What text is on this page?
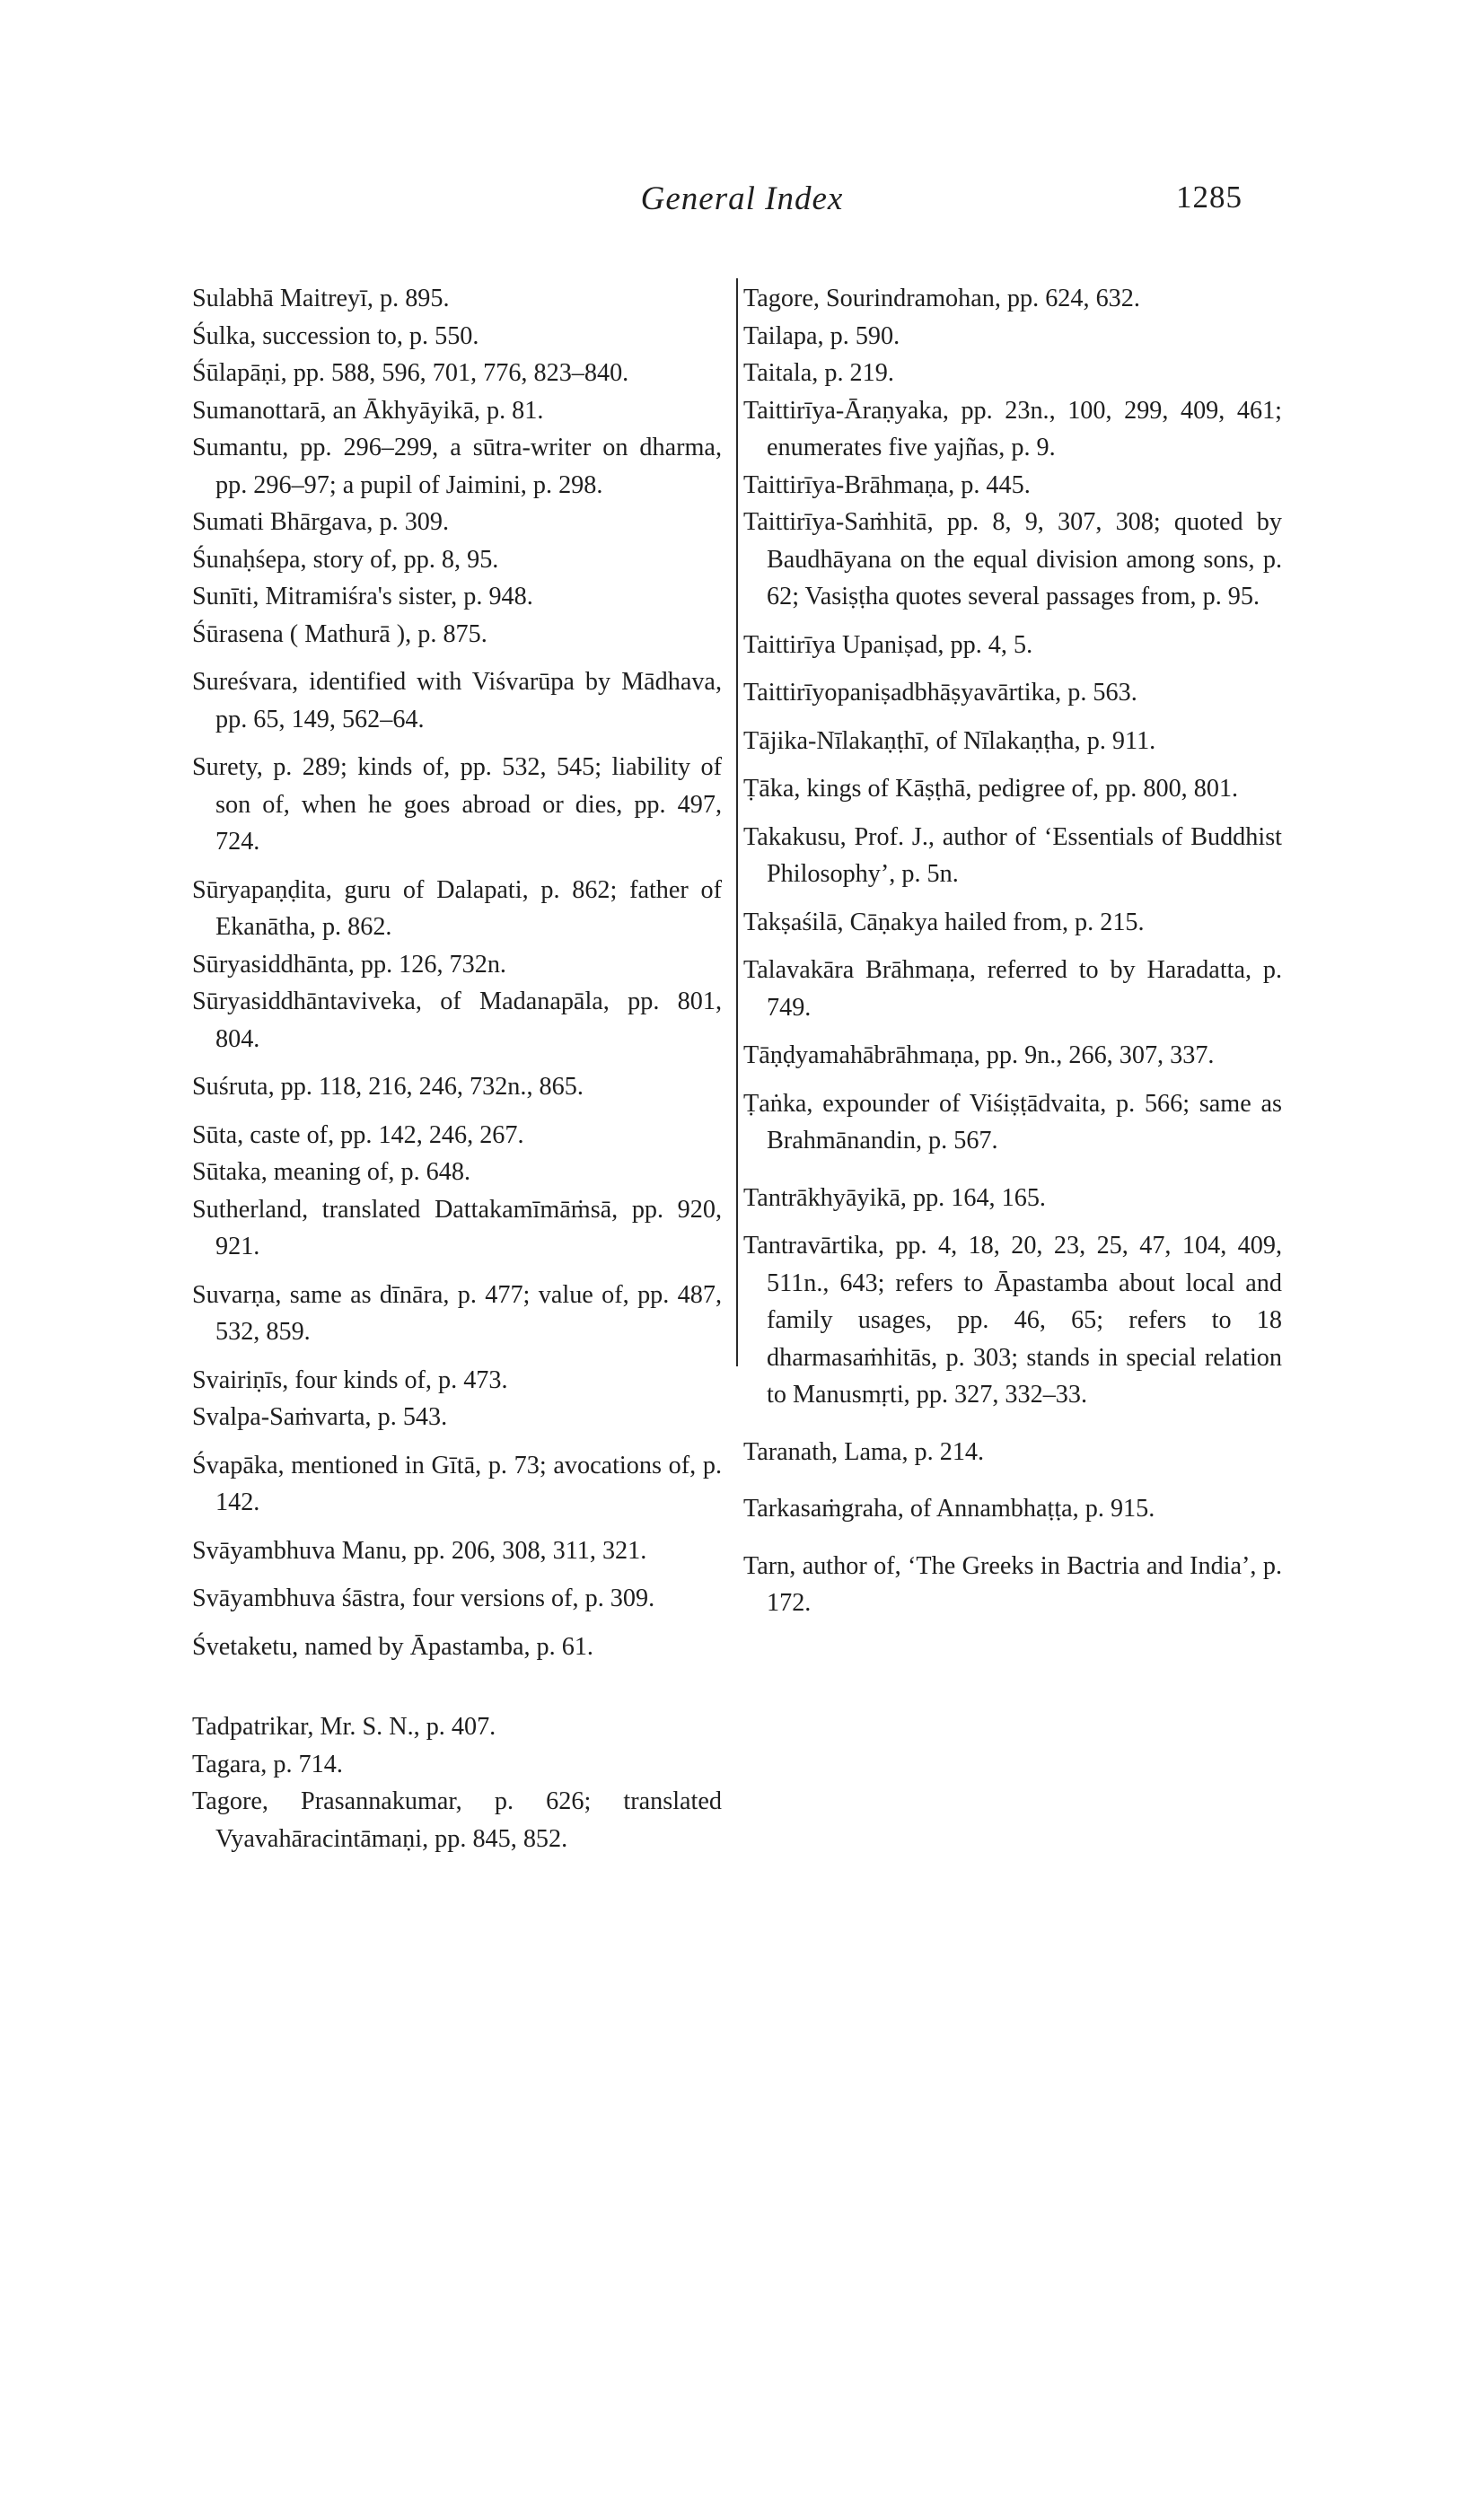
General Index	1285

Sulabhā Maitreyī, p. 895.

Śulka, succession to, p. 550.

Śūlapāṇi, pp. 588, 596, 701, 776, 823–840.

Sumanottarā, an Ākhyāyikā, p. 81.

Sumantu, pp. 296–299, a sūtra-writer on dharma, pp. 296–97; a pupil of Jaimini, p. 298.

Sumati Bhārgava, p. 309.

Śunaḥśepa, story of, pp. 8, 95.

Sunīti, Mitramiśra's sister, p. 948.

Śūrasena ( Mathurā ), p. 875.

Sureśvara, identified with Viśvarūpa by Mādhava, pp. 65, 149, 562–64.

Surety, p. 289; kinds of, pp. 532, 545; liability of son of, when he goes abroad or dies, pp. 497, 724.

Sūryapaṇḍita, guru of Dalapati, p. 862; father of Ekanātha, p. 862.

Sūryasiddhānta, pp. 126, 732n.

Sūryasiddhāntaviveka, of Madanapāla, pp. 801, 804.

Suśruta, pp. 118, 216, 246, 732n., 865.

Sūta, caste of, pp. 142, 246, 267.

Sūtaka, meaning of, p. 648.

Sutherland, translated Dattakamīmāṁsā, pp. 920, 921.

Suvarṇa, same as dīnāra, p. 477; value of, pp. 487, 532, 859.

Svairiṇīs, four kinds of, p. 473.

Svalpa-Saṁvarta, p. 543.

Śvapāka, mentioned in Gītā, p. 73; avocations of, p. 142.

Svāyambhuva Manu, pp. 206, 308, 311, 321.

Svāyambhuva śāstra, four versions of, p. 309.

Śvetaketu, named by Āpastamba, p. 61.

Tadpatrikar, Mr. S. N., p. 407.

Tagara, p. 714.

Tagore, Prasannakumar, p. 626; translated Vyavahāracintāmaṇi, pp. 845, 852.

Tagore, Sourindramohan, pp. 624, 632.

Tailapa, p. 590.

Taitala, p. 219.

Taittirīya-Āraṇyaka, pp. 23n., 100, 299, 409, 461; enumerates five yajñas, p. 9.

Taittirīya-Brāhmaṇa, p. 445.

Taittirīya-Saṁhitā, pp. 8, 9, 307, 308; quoted by Baudhāyana on the equal division among sons, p. 62; Vasiṣṭha quotes several passages from, p. 95.

Taittirīya Upaniṣad, pp. 4, 5.

Taittirīyopaniṣadbhāṣyavārtika, p. 563.

Tājika-Nīlakaṇṭhī, of Nīlakaṇṭha, p. 911.

Ṭāka, kings of Kāṣṭhā, pedigree of, pp. 800, 801.

Takakusu, Prof. J., author of ‘Essentials of Buddhist Philosophy’, p. 5n.

Takṣaśilā, Cāṇakya hailed from, p. 215.

Talavakāra Brāhmaṇa, referred to by Haradatta, p. 749.

Tāṇḍyamahābrāhmaṇa, pp. 9n., 266, 307, 337.

Ṭaṅka, expounder of Viśiṣṭādvaita, p. 566; same as Brahmānandin, p. 567.

Tantrākhyāyikā, pp. 164, 165.

Tantravārtika, pp. 4, 18, 20, 23, 25, 47, 104, 409, 511n., 643; refers to Āpastamba about local and family usages, pp. 46, 65; refers to 18 dharmasaṁhitās, p. 303; stands in special relation to Manusmṛti, pp. 327, 332–33.

Taranath, Lama, p. 214.

Tarkasaṁgraha, of Annambhaṭṭa, p. 915.

Tarn, author of, ‘The Greeks in Bactria and India’, p. 172.
